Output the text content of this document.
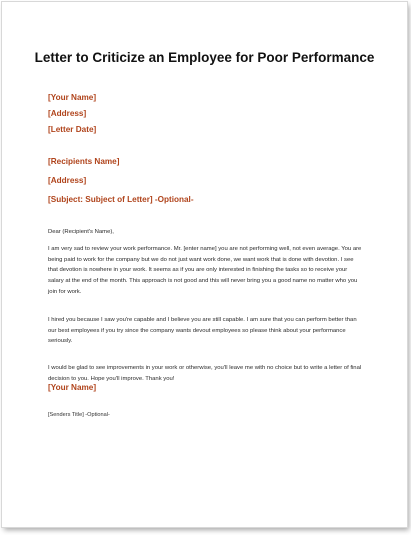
Letter to Criticize an Employee for Poor Performance

[Your Name]

[Address]

[Letter Date]

[Recipients Name]

[Address]

[Subject: Subject of Letter] -Optional-

Dear (Recipient's Name),

I am very sad to review your work performance. Mr. [enter name] you are not performing well, not even average. You are being paid to work for the company but we do not just want work done, we want work that is done with devotion. I see that devotion is nowhere in your work. It seems as if you are only interested in finishing the tasks so to receive your salary at the end of the month. This approach is not good and this will never bring you a good name no matter who you join for work.

I hired you because I saw you're capable and I believe you are still capable. I am sure that you can perform better than our best employees if you try since the company wants devout employees so please think about your performance seriously.

I would be glad to see improvements in your work or otherwise, you'll leave me with no choice but to write a letter of final decision to you. Hope you'll improve. Thank you!

[Your Name]

[Senders Title] -Optional-
